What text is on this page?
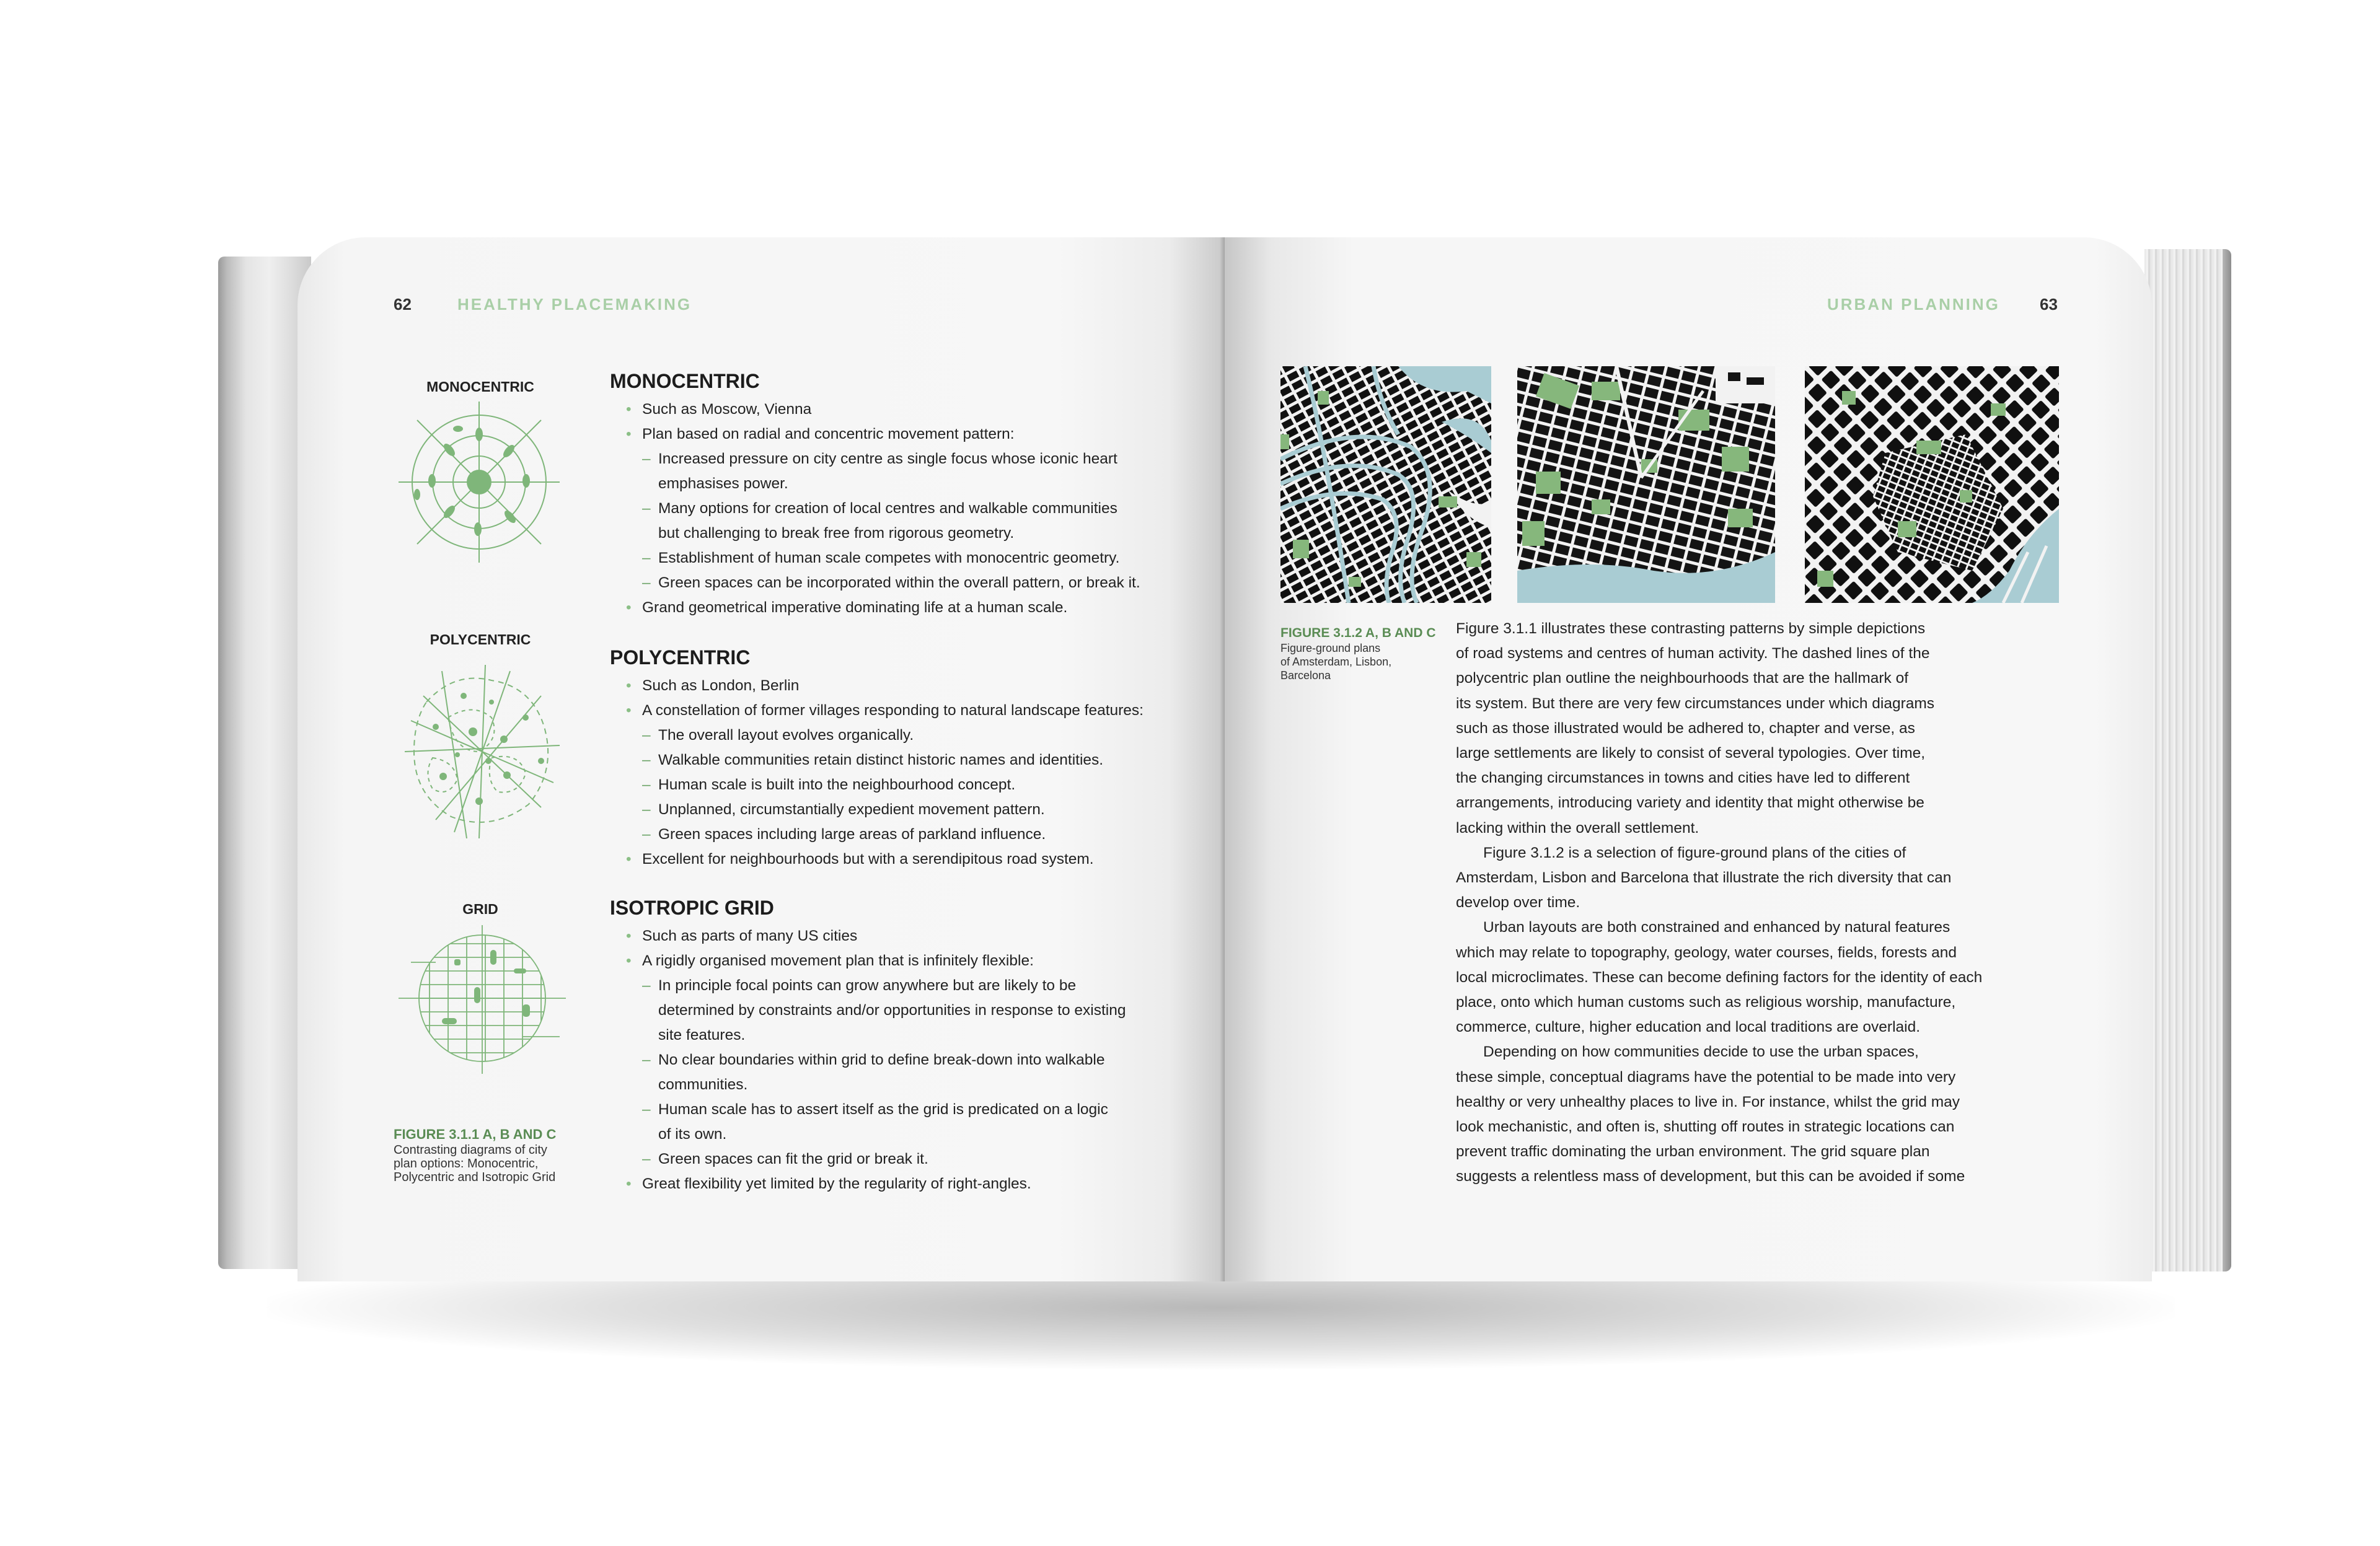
62	HEALTHY PLACEMAKING
MONOCENTRIC
POLYCENTRIC
GRID
FIGURE 3.1.1 A, B AND C
Contrasting diagrams of city
plan options: Monocentric,
Polycentric and Isotropic Grid
MONOCENTRIC
• Such as Moscow, Vienna
• Plan based on radial and concentric movement pattern:
– Increased pressure on city centre as single focus whose iconic heart
emphasises power.
– Many options for creation of local centres and walkable communities
but challenging to break free from rigorous geometry.
– Establishment of human scale competes with monocentric geometry.
– Green spaces can be incorporated within the overall pattern, or break it.
• Grand geometrical imperative dominating life at a human scale.
POLYCENTRIC
• Such as London, Berlin
• A constellation of former villages responding to natural landscape features:
– The overall layout evolves organically.
– Walkable communities retain distinct historic names and identities.
– Human scale is built into the neighbourhood concept.
– Unplanned, circumstantially expedient movement pattern.
– Green spaces including large areas of parkland influence.
• Excellent for neighbourhoods but with a serendipitous road system.
ISOTROPIC GRID
• Such as parts of many US cities
• A rigidly organised movement plan that is infinitely flexible:
– In principle focal points can grow anywhere but are likely to be
determined by constraints and/or opportunities in response to existing
site features.
– No clear boundaries within grid to define break-down into walkable
communities.
– Human scale has to assert itself as the grid is predicated on a logic
of its own.
– Green spaces can fit the grid or break it.
• Great flexibility yet limited by the regularity of right-angles.
URBAN PLANNING 63
FIGURE 3.1.2 A, B AND C
Figure-ground plans
of Amsterdam, Lisbon,
Barcelona

Figure 3.1.1 illustrates these contrasting patterns by simple depictions

of road systems and centres of human activity. The dashed lines of the

polycentric plan outline the neighbourhoods that are the hallmark of

its system. But there are very few circumstances under which diagrams

such as those illustrated would be adhered to, chapter and verse, as

large settlements are likely to consist of several typologies. Over time,

the changing circumstances in towns and cities have led to different

arrangements, introducing variety and identity that might otherwise be

lacking within the overall settlement.

Figure 3.1.2 is a selection of figure-ground plans of the cities of

Amsterdam, Lisbon and Barcelona that illustrate the rich diversity that can

develop over time.

Urban layouts are both constrained and enhanced by natural features

which may relate to topography, geology, water courses, fields, forests and

local microclimates. These can become defining factors for the identity of each

place, onto which human customs such as religious worship, manufacture,

commerce, culture, higher education and local traditions are overlaid.

Depending on how communities decide to use the urban spaces,

these simple, conceptual diagrams have the potential to be made into very

healthy or very unhealthy places to live in. For instance, whilst the grid may

look mechanistic, and often is, shutting off routes in strategic locations can

prevent traffic dominating the urban environment. The grid square plan

suggests a relentless mass of development, but this can be avoided if some
